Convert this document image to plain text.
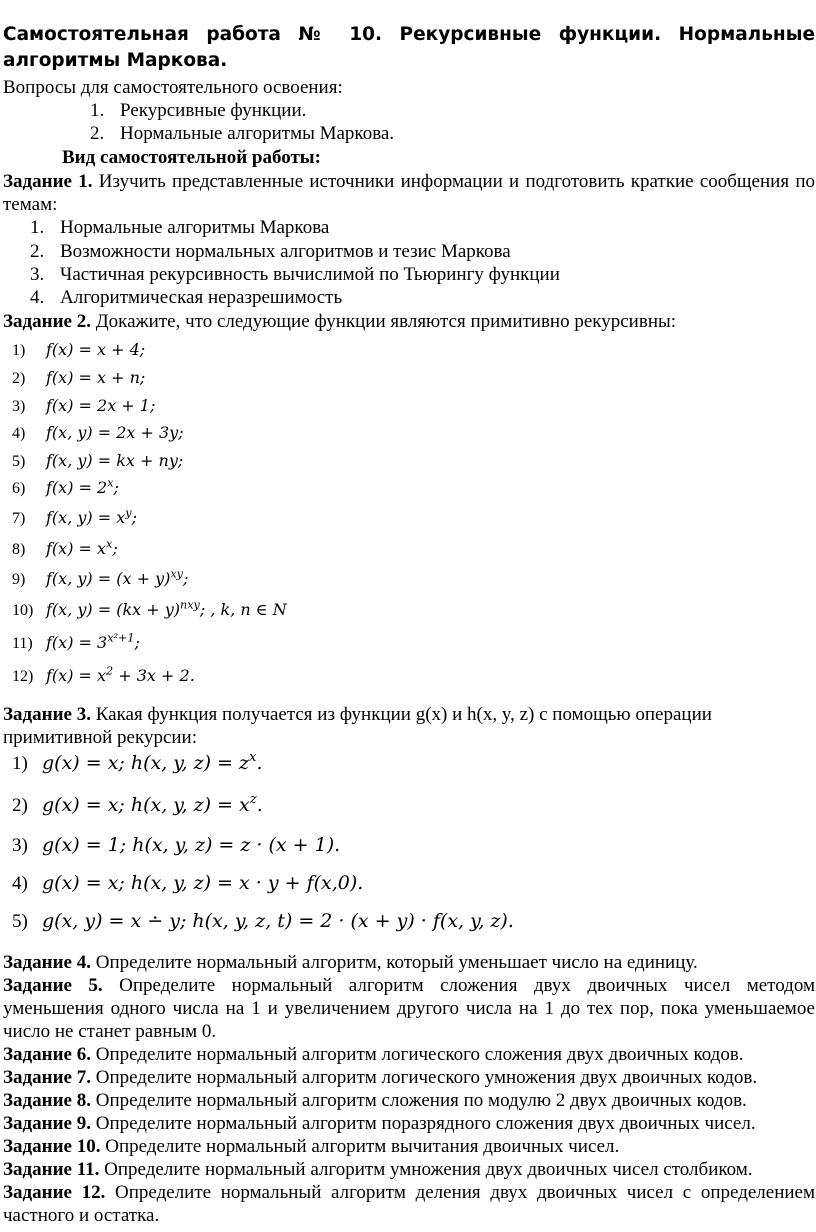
Самостоятельная работа № 10. Рекурсивные функции. Нормальные алгоритмы Маркова.

Вопросы для самостоятельного освоения:

1. Рекурсивные функции.
2. Нормальные алгоритмы Маркова.
Вид самостоятельной работы:

Задание 1. Изучить представленные источники информации и подготовить краткие сообщения по темам:

1. Нормальные алгоритмы Маркова
2. Возможности нормальных алгоритмов и тезис Маркова
3. Частичная рекурсивность вычислимой по Тьюрингу функции
4. Алгоритмическая неразрешимость

Задание 2. Докажите, что следующие функции являются примитивно рекурсивны:

1) f(x) = x + 4;
2) f(x) = x + n;
3) f(x) = 2x + 1;
4) f(x, y) = 2x + 3y;
5) f(x, y) = kx + ny;
6) $f(x) = 2^x$;
7) f(x, $y) = x^y$;
8) $f(x) = x^x$;
9) f(x, $y) = (x + y)^{xy}$;
10) f(x, y) = (kx + y)$^{nxy}$; , k, n ∈ N
11) $f(x) = 3^{x^2+1}$;
12) $f(x) = x^2 + 3x + 2$.

Задание 3. Какая функция получается из функции g(x) и h(x, y, z) с помощью операции примитивной рекурсии:

1) g(x) = x; h(x, y, $z) = z^x$.
2) g(x) = x; h(x, y, $z) = x^z$.
3) g(x) = 1; h(x, y, z) = z · (x + 1).
4) g(x) = x; h(x, y, z) = x · y + f(x,0).
5) g(x, y) = x ∸ y; h(x, y, z, t) = 2 · (x + y) · f(x, y, z).

Задание 4. Определите нормальный алгоритм, который уменьшает число на единицу.

Задание 5. Определите нормальный алгоритм сложения двух двоичных чисел методом уменьшения одного числа на 1 и увеличением другого числа на 1 до тех пор, пока уменьшаемое число не станет равным 0.

Задание 6. Определите нормальный алгоритм логического сложения двух двоичных кодов.

Задание 7. Определите нормальный алгоритм логического умножения двух двоичных кодов.

Задание 8. Определите нормальный алгоритм сложения по модулю 2 двух двоичных кодов.

Задание 9. Определите нормальный алгоритм поразрядного сложения двух двоичных чисел.

Задание 10. Определите нормальный алгоритм вычитания двоичных чисел.

Задание 11. Определите нормальный алгоритм умножения двух двоичных чисел столбиком.

Задание 12. Определите нормальный алгоритм деления двух двоичных чисел с определением частного и остатка.
